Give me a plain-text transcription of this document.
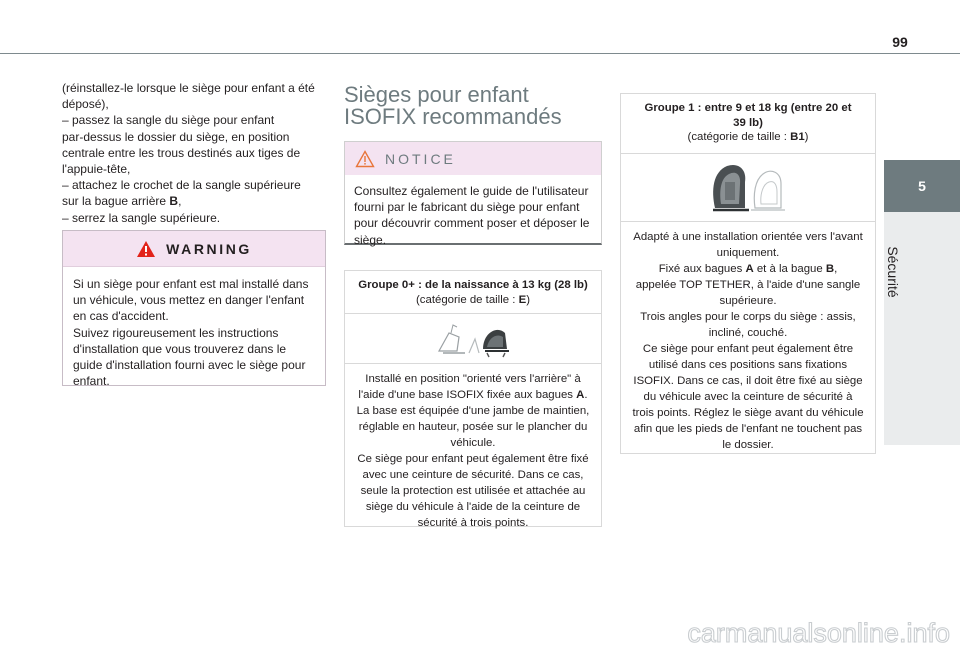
99
5
Sécurité
(réinstallez-le lorsque le siège pour enfant a été
déposé),
– passez la sangle du siège pour enfant
par-dessus le dossier du siège, en position
centrale entre les trous destinés aux tiges de
l'appuie-tête,
– attachez le crochet de la sangle supérieure
sur la bague arrière B,
– serrez la sangle supérieure.
WARNING
Si un siège pour enfant est mal installé dans
un véhicule, vous mettez en danger l'enfant
en cas d'accident.
Suivez rigoureusement les instructions
d'installation que vous trouverez dans le
guide d'installation fourni avec le siège pour
enfant.
Sièges pour enfant
ISOFIX recommandés
NOTICE
Consultez également le guide de l'utilisateur
fourni par le fabricant du siège pour enfant
pour découvrir comment poser et déposer le
siège.
Groupe 0+ : de la naissance à 13 kg (28 lb)
(catégorie de taille : E)
Installé en position "orienté vers l'arrière" à
l'aide d'une base ISOFIX fixée aux bagues A.
La base est équipée d'une jambe de maintien,
réglable en hauteur, posée sur le plancher du
véhicule.
Ce siège pour enfant peut également être fixé
avec une ceinture de sécurité. Dans ce cas,
seule la protection est utilisée et attachée au
siège du véhicule à l'aide de la ceinture de
sécurité à trois points.
Groupe 1 : entre 9 et 18 kg (entre 20 et
39 lb)
(catégorie de taille : B1)
Adapté à une installation orientée vers l'avant
uniquement.
Fixé aux bagues A et à la bague B,
appelée TOP TETHER, à l'aide d'une sangle
supérieure.
Trois angles pour le corps du siège : assis,
incliné, couché.
Ce siège pour enfant peut également être
utilisé dans ces positions sans fixations
ISOFIX. Dans ce cas, il doit être fixé au siège
du véhicule avec la ceinture de sécurité à
trois points. Réglez le siège avant du véhicule
afin que les pieds de l'enfant ne touchent pas
le dossier.
carmanualsonline.info
